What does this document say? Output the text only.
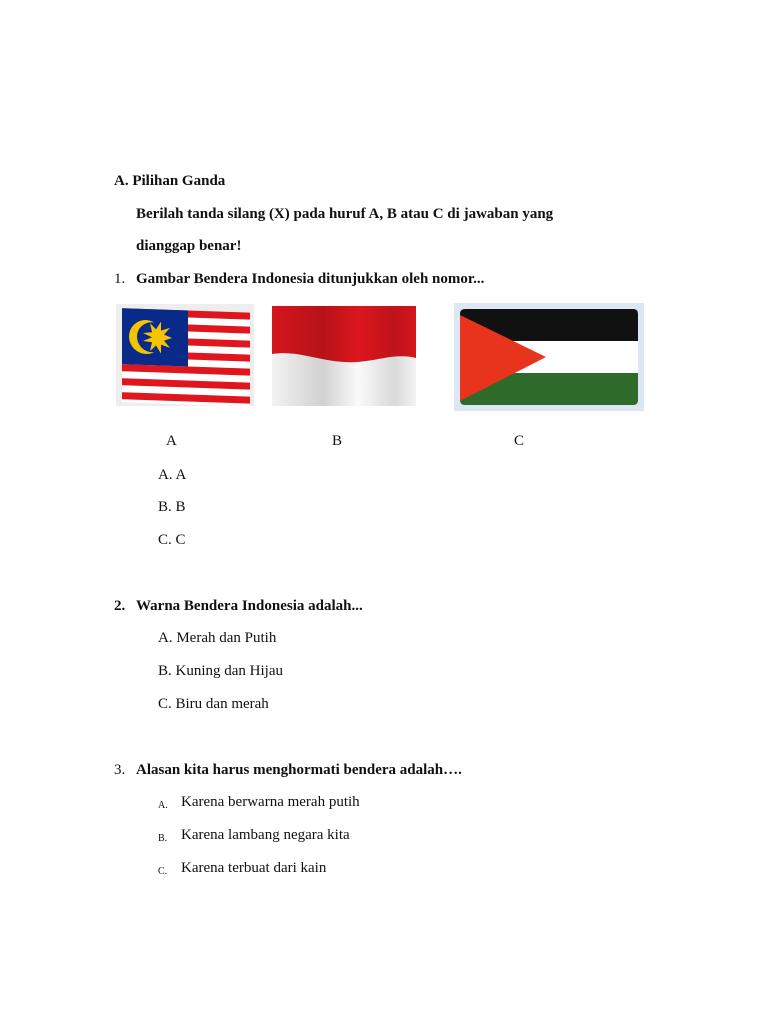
A. Pilihan Ganda
Berilah tanda silang (X) pada huruf A, B atau C di jawaban yang
dianggap benar!
1. Gambar Bendera Indonesia ditunjukkan oleh nomor...
A	B	C
A. A
B. B
C. C
2. Warna Bendera Indonesia adalah...
A. Merah dan Putih
B. Kuning dan Hijau
C. Biru dan merah
3. Alasan kita harus menghormati bendera adalah….
A. Karena berwarna merah putih
B. Karena lambang negara kita
C. Karena terbuat dari kain
